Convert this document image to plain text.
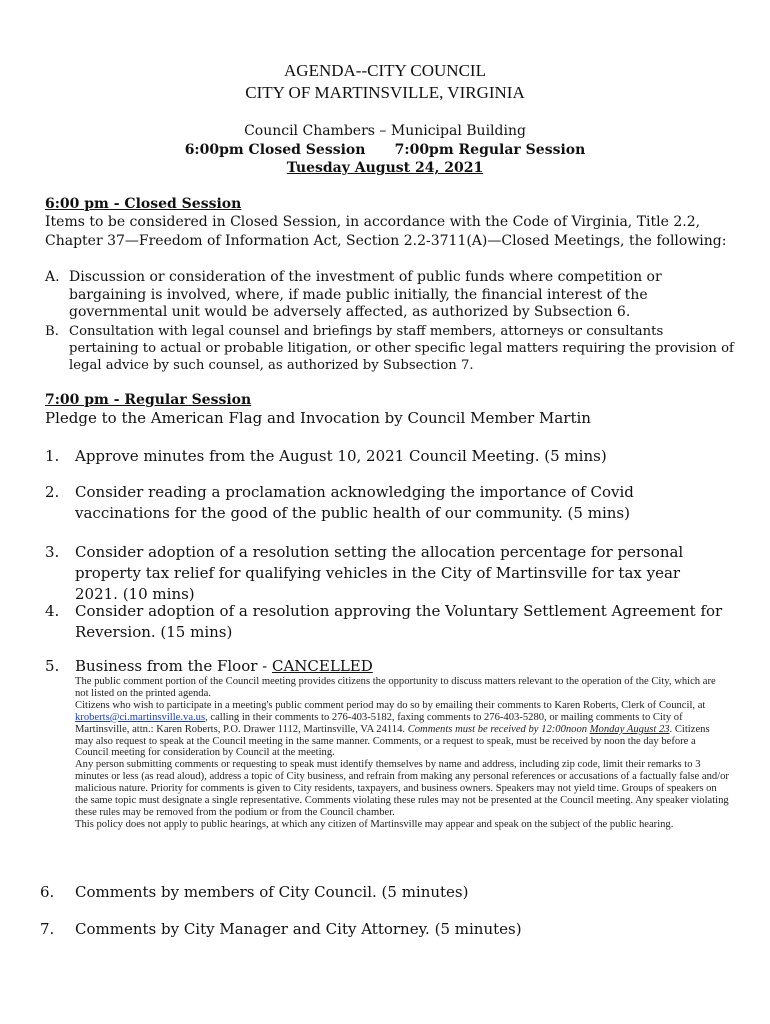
AGENDA--CITY COUNCIL
CITY OF MARTINSVILLE, VIRGINIA
Council Chambers – Municipal Building
6:00pm Closed Session      7:00pm Regular Session
Tuesday August 24, 2021
6:00 pm - Closed Session
Items to be considered in Closed Session, in accordance with the Code of Virginia, Title 2.2, Chapter 37—Freedom of Information Act, Section 2.2-3711(A)—Closed Meetings, the following:
A. Discussion or consideration of the investment of public funds where competition or bargaining is involved, where, if made public initially, the financial interest of the governmental unit would be adversely affected, as authorized by Subsection 6.
B. Consultation with legal counsel and briefings by staff members, attorneys or consultants pertaining to actual or probable litigation, or other specific legal matters requiring the provision of legal advice by such counsel, as authorized by Subsection 7.
7:00 pm - Regular Session
Pledge to the American Flag and Invocation by Council Member Martin
1. Approve minutes from the August 10, 2021 Council Meeting. (5 mins)
2. Consider reading a proclamation acknowledging the importance of Covid vaccinations for the good of the public health of our community. (5 mins)
3. Consider adoption of a resolution setting the allocation percentage for personal property tax relief for qualifying vehicles in the City of Martinsville for tax year 2021. (10 mins)
4. Consider adoption of a resolution approving the Voluntary Settlement Agreement for Reversion. (15 mins)
5. Business from the Floor - CANCELLED

The public comment portion of the Council meeting provides citizens the opportunity to discuss matters relevant to the operation of the City, which are not listed on the printed agenda.

Citizens who wish to participate in a meeting's public comment period may do so by emailing their comments to Karen Roberts, Clerk of Council, at kroberts@ci.martinsville.va.us, calling in their comments to 276-403-5182, faxing comments to 276-403-5280, or mailing comments to City of Martinsville, attn.: Karen Roberts, P.O. Drawer 1112, Martinsville, VA 24114. Comments must be received by 12:00noon Monday August 23. Citizens may also request to speak at the Council meeting in the same manner. Comments, or a request to speak, must be received by noon the day before a Council meeting for consideration by Council at the meeting.

Any person submitting comments or requesting to speak must identify themselves by name and address, including zip code, limit their remarks to 3 minutes or less (as read aloud), address a topic of City business, and refrain from making any personal references or accusations of a factually false and/or malicious nature. Priority for comments is given to City residents, taxpayers, and business owners. Speakers may not yield time. Groups of speakers on the same topic must designate a single representative. Comments violating these rules may not be presented at the Council meeting. Any speaker violating these rules may be removed from the podium or from the Council chamber.

This policy does not apply to public hearings, at which any citizen of Martinsville may appear and speak on the subject of the public hearing.

6. Comments by members of City Council. (5 minutes)
7. Comments by City Manager and City Attorney. (5 minutes)
